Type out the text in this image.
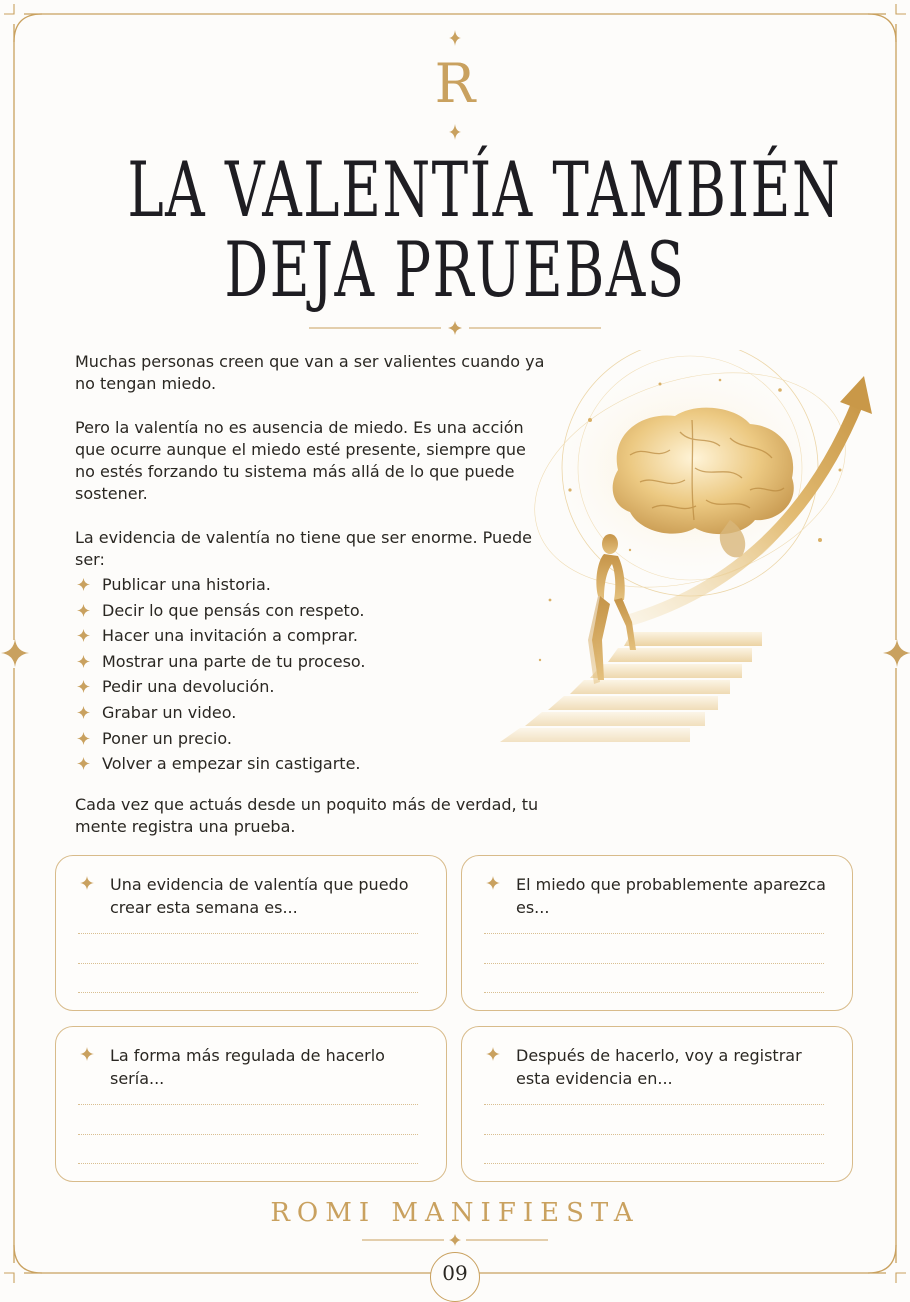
R
LA VALENTÍA TAMBIÉN
DEJA PRUEBAS

Muchas personas creen que van a ser valientes cuando ya no tengan miedo.

Pero la valentía no es ausencia de miedo. Es una acción que ocurre aunque el miedo esté presente, siempre que no estés forzando tu sistema más allá de lo que puede sostener.

La evidencia de valentía no tiene que ser enorme. Puede ser:

Publicar una historia.
Decir lo que pensás con respeto.
Hacer una invitación a comprar.
Mostrar una parte de tu proceso.
Pedir una devolución.
Grabar un video.
Poner un precio.
Volver a empezar sin castigarte.

Cada vez que actuás desde un poquito más de verdad, tu mente registra una prueba.

Una evidencia de valentía que puedo crear esta semana es...
El miedo que probablemente aparezca es...
La forma más regulada de hacerlo sería...
Después de hacerlo, voy a registrar esta evidencia en...
ROMI MANIFIESTA
09
